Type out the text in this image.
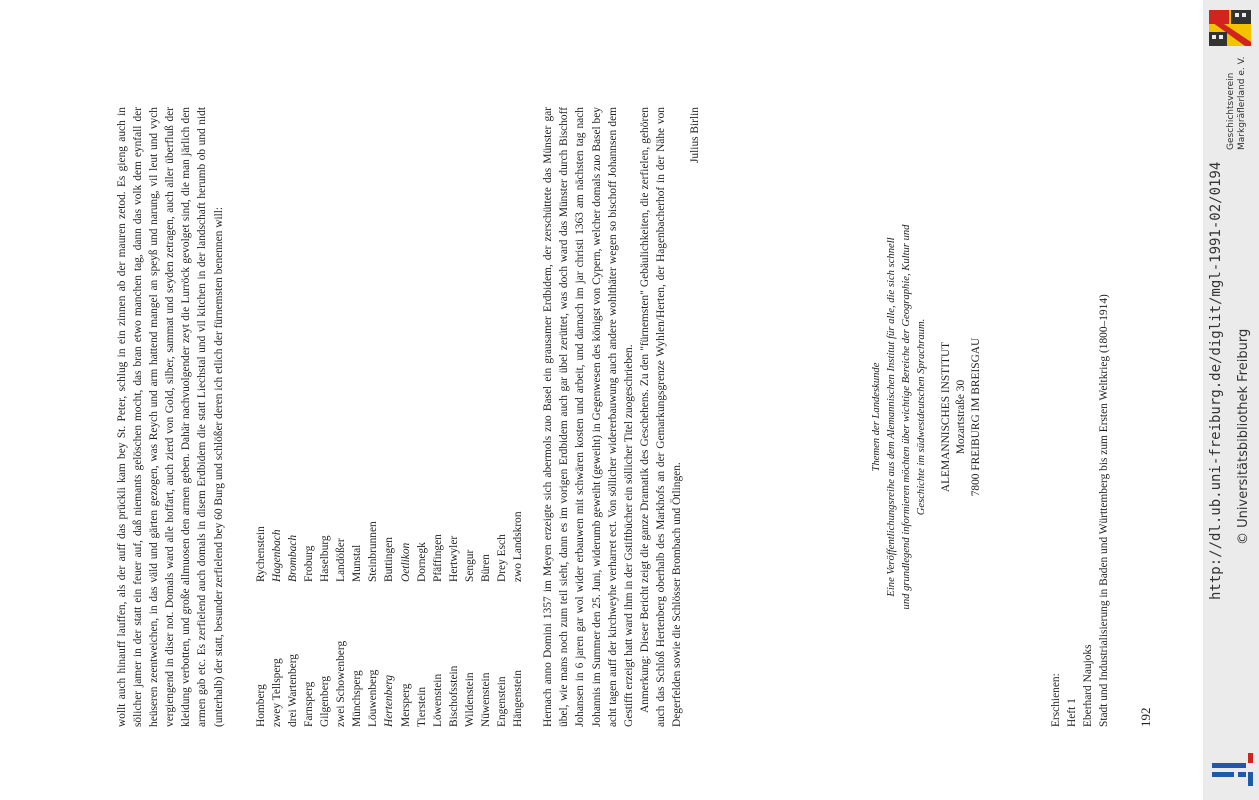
wollt auch hinauff lauffen, als der auff das prückli kam bey St. Peter, schlug in ein zinnen ab der mauren zetod. Es gieng auch in sölicher jamer in der statt ein feuer auf, daß niemants gelöschen mocht, das bran etwo manchen tag, dann das volk dem eynfall der heüseren zeentweichen, in das väld und gärten gezogen, was Reych und arm hattend mangel an speyß und narung, vil leut und vych vergiengend in diser not. Domals ward alle hoffart, auch zierd von Gold, silber, sammat und seyden zetragen, auch aller überfluß der kleidung verbotten, und große allmuosen den armen geben. Dahär nachvuolgender zeyt die Lurröck gevolget sind, die man järlich den armen gab etc. Es zerfielend auch domals in disem Erdbidem die statt Liechstal und vil kitchen in der landschaft herumb ob und nidt (unterhalb) der statt, besunder zerfielend bey 60 Burg und schlößer deren ich etlich der fürnemsten benennen will:	Homberg
Rychenstein
zwey Tellsperg
Hagenbach
drei Wartenberg
Brombach
Farnsperg
Froburg
Gilgenberg
Haselburg
zwei Schowenberg
Landößer
Münchsperg
Munstal
Löuwenberg
Steinbrunnen
Hertenberg
Buttingen
Mersperg
Oetlikon
Tierstein
Dornegk
Löwenstein
Pfäffingen
Bischofsstein
Hertwyler
Wildenstein
Sengur
Nüwenstein
Büren
Engenstein
Drey Esch
Hängenstein
zwo Landskron Hernach anno Domini 1357 im Meyen erzeigte sich abermols zuo Basel ein grausamer Erdbidem, der zerschüttete das Münster gar übel, wie mans noch zum teil sieht, dann es im vorigen Erdbidem auch gar übel zerüttet, was doch ward das Münster durch Bischoff Johansen in 6 jaren gar wol wider erbauwen mit schwären kosten und arbeit, und darnach im jar christi 1363 am nächsten tag nach Johannis im Summer den 25. Juni, widerumb geweiht (geweiht) in Gegenwesen des königst von Cypern, welcher domals zuo Basel bey acht tagen auff der kirchweyhe verharret ect. Von söllicher widererbauwung auch andere wohlthäter wegen so bischoff Johannsen dem Gestifft erzeigt hatt ward ihm in der Gstiftbücher ein söllicher Titel zuogeschrieben. Anmerkung: Dieser Bericht zeigt die ganze Dramatik des Geschehens. Zu den "fürnemsten" Gebäulichkeiten, die zerfielen, gehören auch das Schloß Hertenberg oberhalb des Markhofs an der Gemarkungsgrenze Wyhlen/Herten, der Hagenbacherhof in der Nähe von Degerfelden sowie die Schlösser Brombach und Ötlingen.

Julius Birlin

Themen der Landeskunde Eine Veröffentlichungsreihe aus dem Alemannischen Institut für alle, die sich schnell und grundlegend informieren möchten über wichtige Bereiche der Geographie, Kultur und Geschichte im südwestdeutschen Sprachraum. ALEMANNISCHES INSTITUT Mozartstraße 30 7800 FREIBURG IM BREISGAU
Erschienen: Heft 1 Eberhard Naujoks Stadt und Industrialisierung in Baden und Württemberg bis zum Ersten Weltkrieg (1800–1914) 192
Geschichtsverein Markgräflerland e. V.
http://dl.ub.uni-freiburg.de/diglit/mgl-1991-02/0194 © Universitätsbibliothek Freiburg
